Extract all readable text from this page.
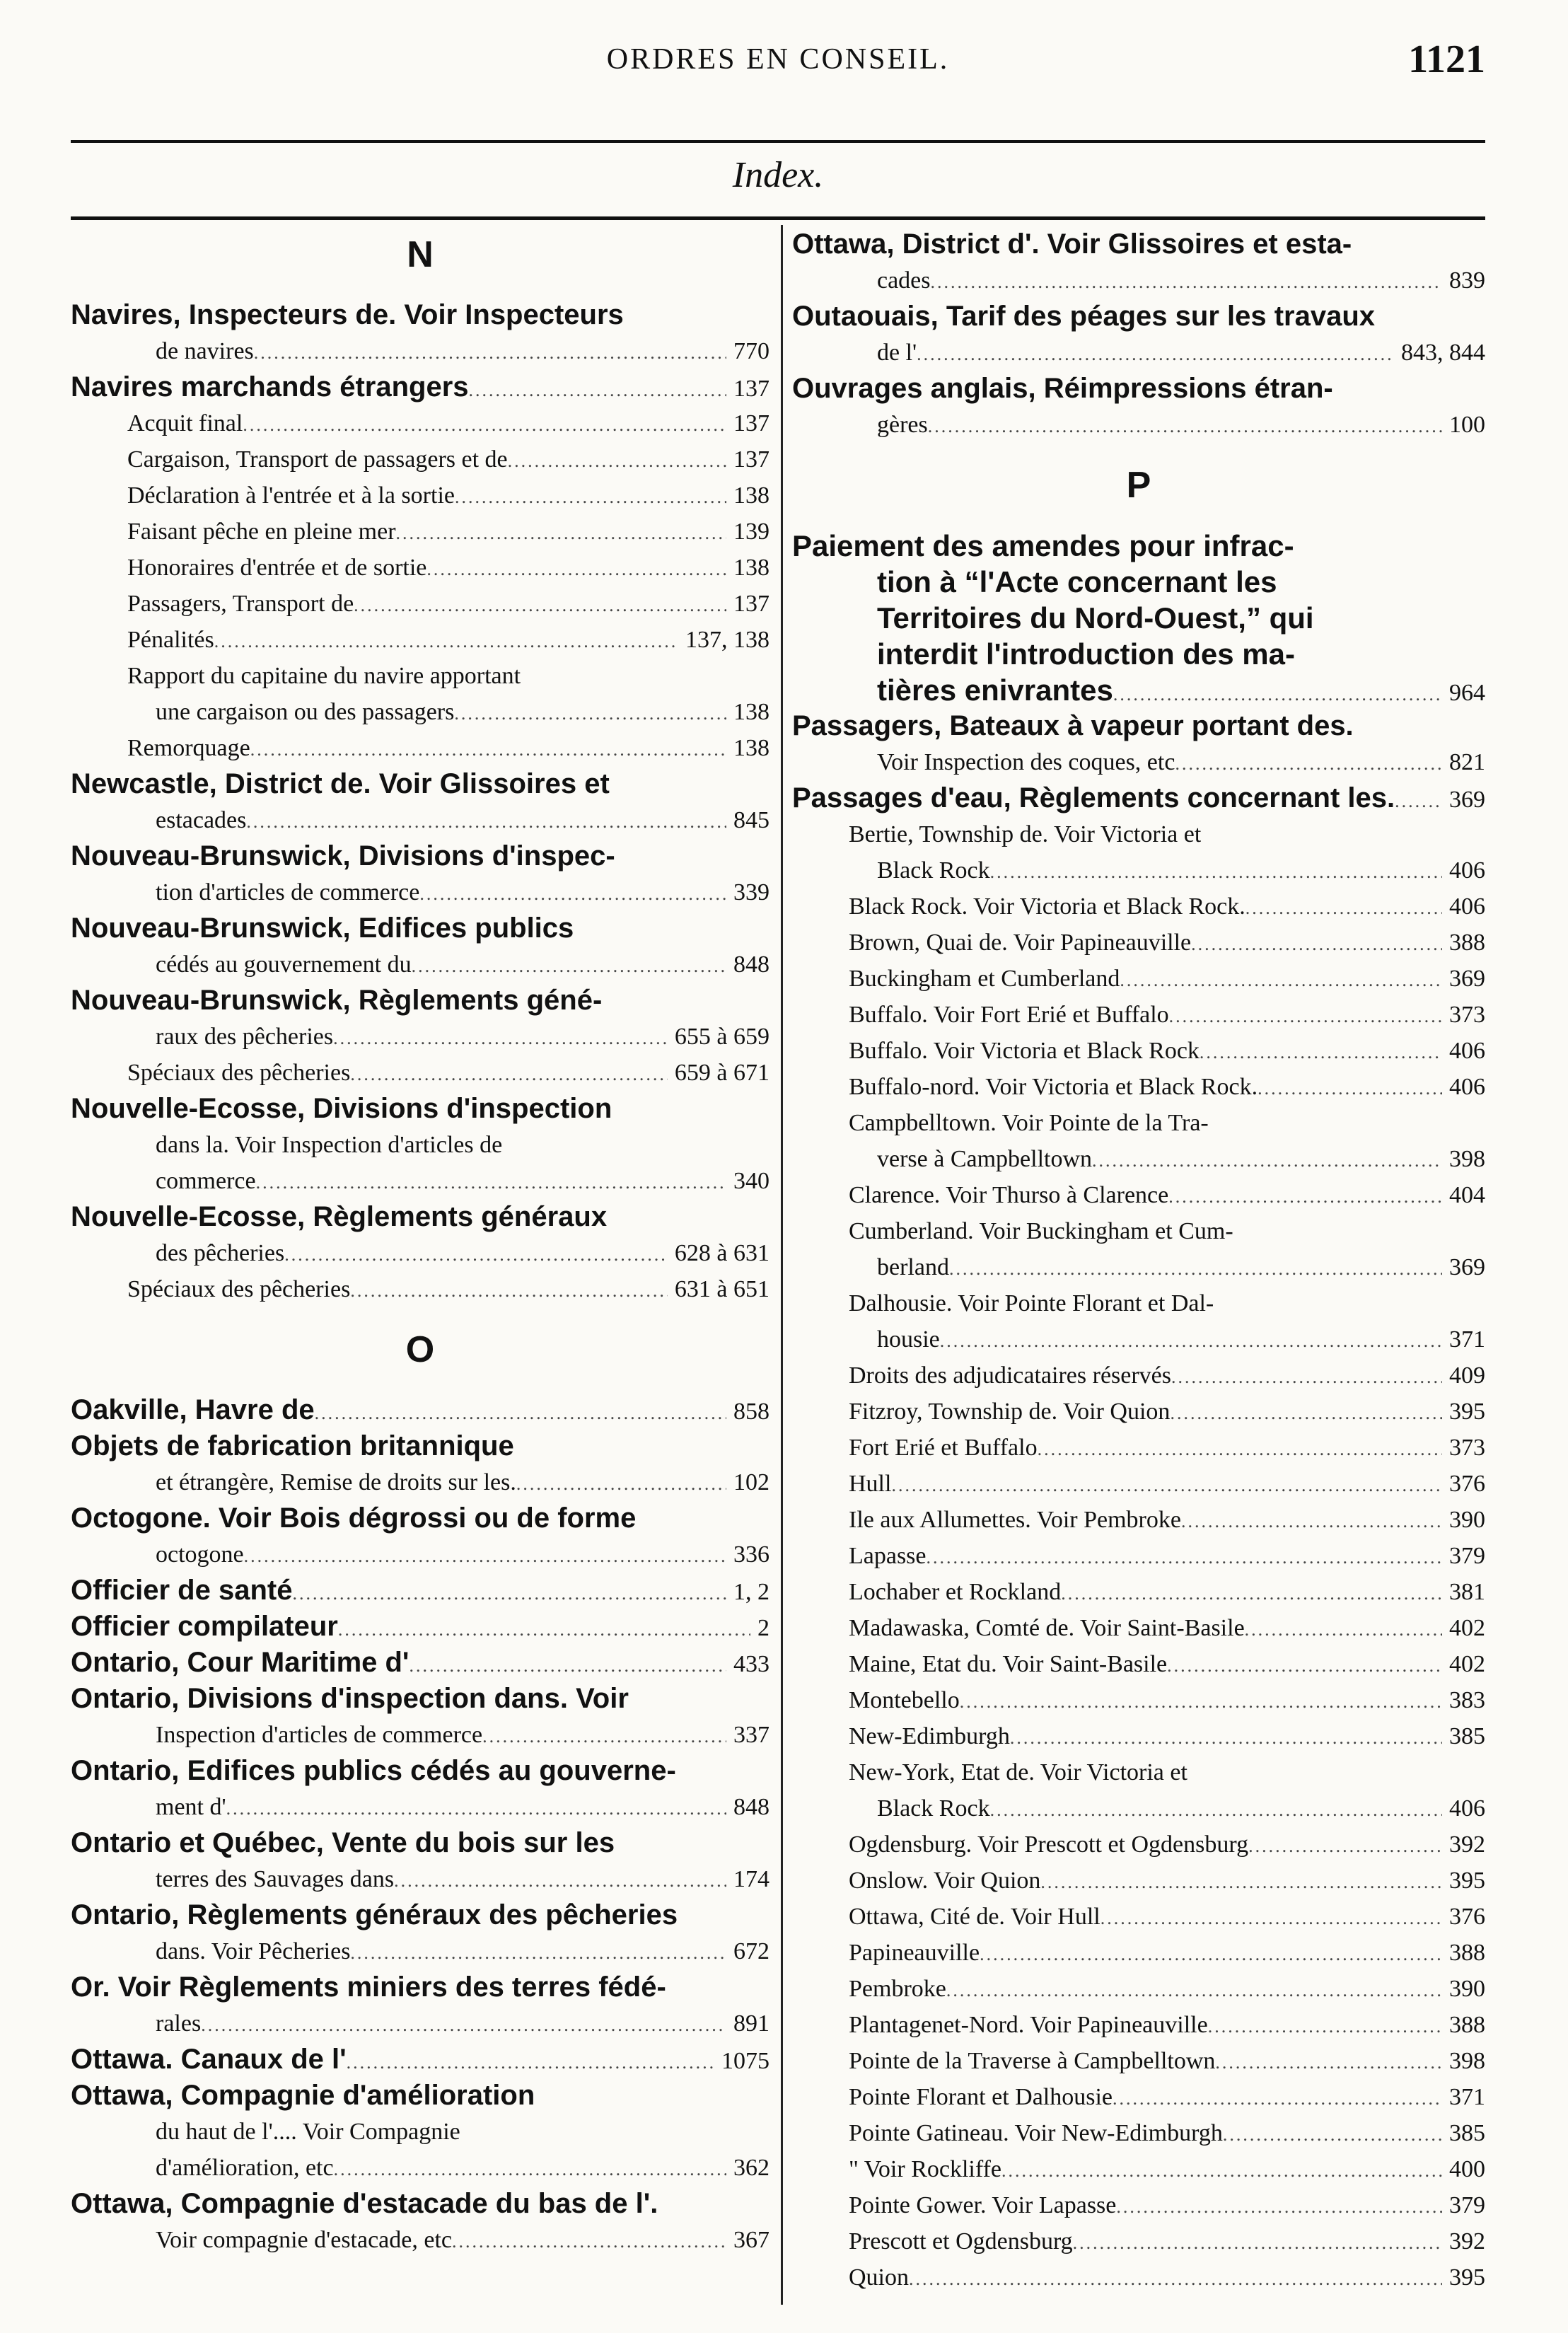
ORDRES EN CONSEIL.	1121
Index.
N
Navires, Inspecteurs de. Voir Inspecteurs
de navires .....	770
Navires marchands étrangers .....	137
Acquit final .....	137
Cargaison, Transport de passagers et de .....	137
Déclaration à l'entrée et à la sortie .....	138
Faisant pêche en pleine mer .....	139
Honoraires d'entrée et de sortie .....	138
Passagers, Transport de .....	137
Pénalités .....	137, 138
Rapport du capitaine du navire apportant
une cargaison ou des passagers .....	138
Remorquage .....	138
Newcastle, District de. Voir Glissoires et
estacades .....	845
Nouveau-Brunswick, Divisions d'inspec-
tion d'articles de commerce .....	339
Nouveau-Brunswick, Edifices publics
cédés au gouvernement du .....	848
Nouveau-Brunswick, Règlements géné-
raux des pêcheries .....	655 à 659
Spéciaux des pêcheries .....	659 à 671
Nouvelle-Ecosse, Divisions d'inspection
dans la. Voir Inspection d'articles de
commerce .....	340
Nouvelle-Ecosse, Règlements généraux
des pêcheries .....	628 à 631
Spéciaux des pêcheries .....	631 à 651
O
Oakville, Havre de .....	858
Objets de fabrication britannique
et étrangère, Remise de droits sur les. .....	102
Octogone. Voir Bois dégrossi ou de forme
octogone .....	336
Officier de santé .....	1, 2
Officier compilateur .....	2
Ontario, Cour Maritime d' .....	433
Ontario, Divisions d'inspection dans. Voir
Inspection d'articles de commerce .....	337
Ontario, Edifices publics cédés au gouverne-
ment d' .....	848
Ontario et Québec, Vente du bois sur les
terres des Sauvages dans .....	174
Ontario, Règlements généraux des pêcheries
dans. Voir Pêcheries .....	672
Or. Voir Règlements miniers des terres fédé-
rales .....	891
Ottawa. Canaux de l' .....	1075
Ottawa, Compagnie d'amélioration
du haut de l'.... Voir Compagnie
d'amélioration, etc .....	362
Ottawa, Compagnie d'estacade du bas de l'.
Voir compagnie d'estacade, etc .....	367
Ottawa, District d'. Voir Glissoires et esta-
cades .....	839
Outaouais, Tarif des péages sur les travaux
de l' .....	843, 844
Ouvrages anglais, Réimpressions étran-
gères .....	100
P
Paiement des amendes pour infrac-
tion à “l'Acte concernant les
Territoires du Nord-Ouest,” qui
interdit l'introduction des ma-
tières enivrantes .....	964
Passagers, Bateaux à vapeur portant des.
Voir Inspection des coques, etc .....	821
Passages d'eau, Règlements concernant les. ..... 369
Bertie, Township de. Voir Victoria et
Black Rock .....	406
Black Rock. Voir Victoria et Black Rock. .....	406
Brown, Quai de. Voir Papineauville .....	388
Buckingham et Cumberland .....	369
Buffalo. Voir Fort Erié et Buffalo .....	373
Buffalo. Voir Victoria et Black Rock .....	406
Buffalo-nord. Voir Victoria et Black Rock. .....	406
Campbelltown. Voir Pointe de la Tra-
verse à Campbelltown .....	398
Clarence. Voir Thurso à Clarence .....	404
Cumberland. Voir Buckingham et Cum-
berland .....	369
Dalhousie. Voir Pointe Florant et Dal-
housie .....	371
Droits des adjudicataires réservés .....	409
Fitzroy, Township de. Voir Quion .....	395
Fort Erié et Buffalo .....	373
Hull .....	376
Ile aux Allumettes. Voir Pembroke .....	390
Lapasse .....	379
Lochaber et Rockland .....	381
Madawaska, Comté de. Voir Saint-Basile .....	402
Maine, Etat du. Voir Saint-Basile .....	402
Montebello .....	383
New-Edimburgh .....	385
New-York, Etat de. Voir Victoria et
Black Rock .....	406
Ogdensburg. Voir Prescott et Ogdensburg .....	392
Onslow. Voir Quion .....	395
Ottawa, Cité de. Voir Hull .....	376
Papineauville .....	388
Pembroke .....	390
Plantagenet-Nord. Voir Papineauville .....	388
Pointe de la Traverse à Campbelltown .....	398
Pointe Florant et Dalhousie .....	371
Pointe Gatineau. Voir New-Edimburgh .....	385
" Voir Rockliffe .....	400
Pointe Gower. Voir Lapasse .....	379
Prescott et Ogdensburg .....	392
Quion .....	395
